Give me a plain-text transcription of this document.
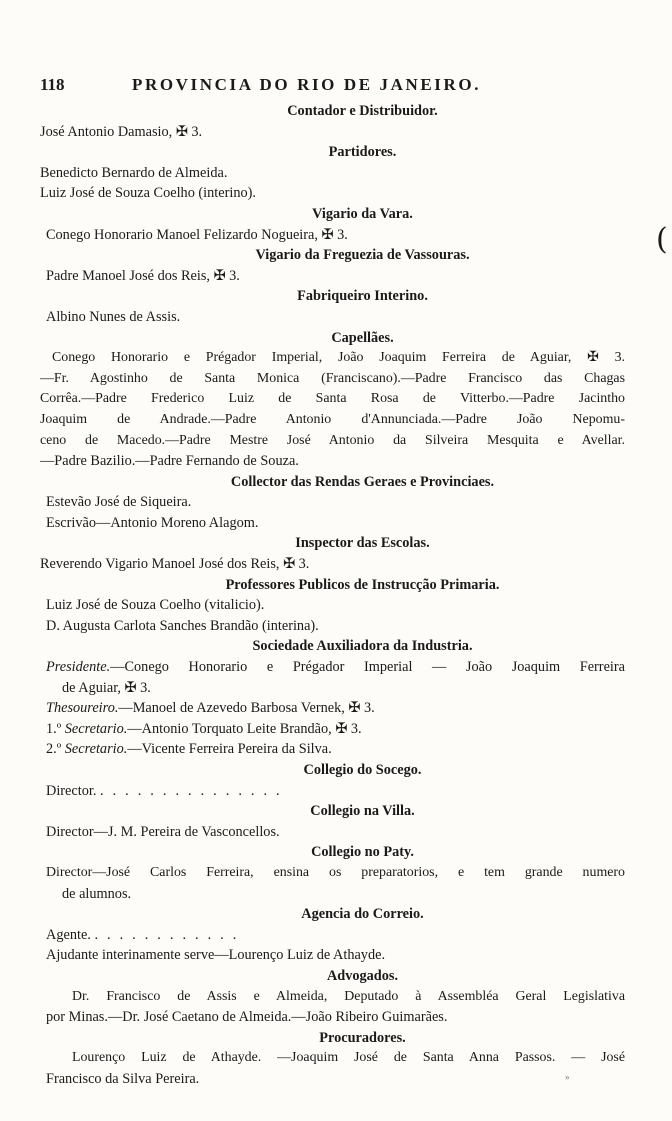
118	PROVINCIA DO RIO DE JANEIRO.
Contador e Distribuidor.
José Antonio Damasio, ✠ 3.
Partidores.
Benedicto Bernardo de Almeida.
Luiz José de Souza Coelho (interino).
Vigario da Vara.
Conego Honorario Manoel Felizardo Nogueira, ✠ 3.
Vigario da Freguezia de Vassouras.
Padre Manoel José dos Reis, ✠ 3.
Fabriqueiro Interino.
Albino Nunes de Assis.
Capellães.
Conego Honorario e Prégador Imperial, João Joaquim Ferreira de Aguiar, ✠ 3.
—Fr. Agostinho de Santa Monica (Franciscano).—Padre Francisco das Chagas
Corrêa.—Padre Frederico Luiz de Santa Rosa de Vitterbo.—Padre Jacintho
Joaquim de Andrade.—Padre Antonio d'Annunciada.—Padre João Nepomu-
ceno de Macedo.—Padre Mestre José Antonio da Silveira Mesquita e Avellar.
—Padre Bazilio.—Padre Fernando de Souza.
Collector das Rendas Geraes e Provinciaes.
Estevão José de Siqueira.
Escrivão—Antonio Moreno Alagom.
Inspector das Escolas.
Reverendo Vigario Manoel José dos Reis, ✠ 3.
Professores Publicos de Instrucção Primaria.
Luiz José de Souza Coelho (vitalicio).
D. Augusta Carlota Sanches Brandão (interina).
Sociedade Auxiliadora da Industria.
Presidente.—Conego Honorario e Prégador Imperial — João Joaquim Ferreira
de Aguiar, ✠ 3.
Thesoureiro.—Manoel de Azevedo Barbosa Vernek, ✠ 3.
1.º Secretario.—Antonio Torquato Leite Brandão, ✠ 3.
2.º Secretario.—Vicente Ferreira Pereira da Silva.
Collegio do Socego.
Director. ...............
Collegio na Villa.
Director—J. M. Pereira de Vasconcellos.
Collegio no Paty.
Director—José Carlos Ferreira, ensina os preparatorios, e tem grande numero
de alumnos.
Agencia do Correio.
Agente. ............
Ajudante interinamente serve—Lourenço Luiz de Athayde.
Advogados.
Dr. Francisco de Assis e Almeida, Deputado à Assembléa Geral Legislativa
por Minas.—Dr. José Caetano de Almeida.—João Ribeiro Guimarães.
Procuradores.
Lourenço Luiz de Athayde. —Joaquim José de Santa Anna Passos. — José
Francisco da Silva Pereira.
(
»
